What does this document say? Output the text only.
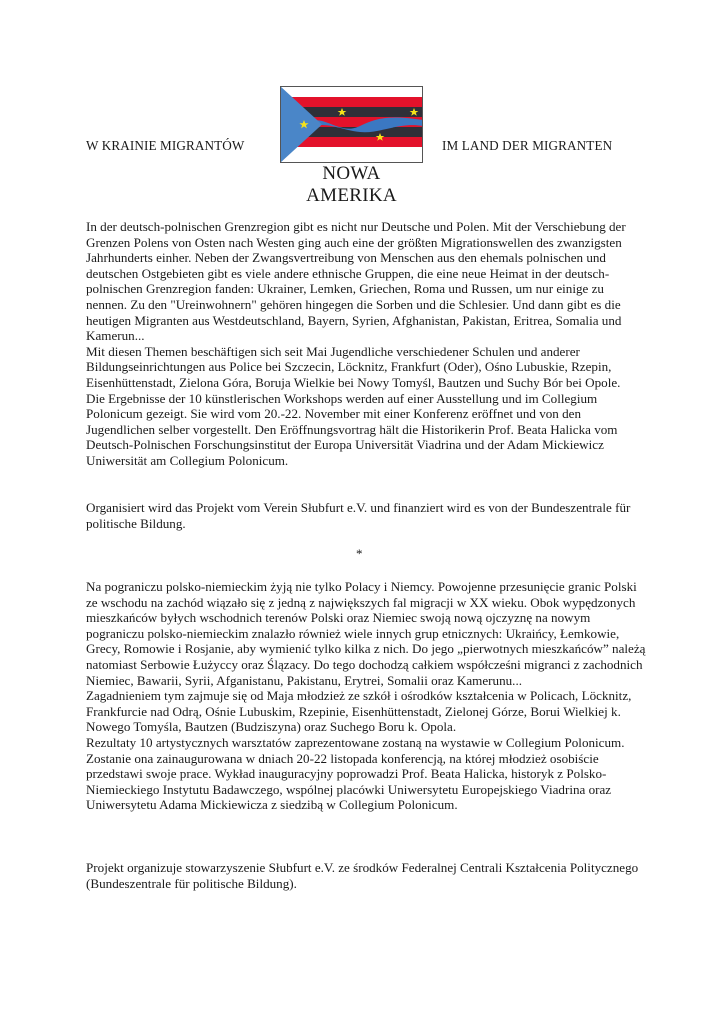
W KRAINIE MIGRANTÓW	IM LAND DER MIGRANTEN
NOWA AMERIKA

In der deutsch-polnischen Grenzregion gibt es nicht nur Deutsche und Polen. Mit der Verschiebung der Grenzen Polens von Osten nach Westen ging auch eine der größten Migrationswellen des zwanzigsten Jahrhunderts einher. Neben der Zwangsvertreibung von Menschen aus den ehemals polnischen und deutschen Ostgebieten gibt es viele andere ethnische Gruppen, die eine neue Heimat in der deutsch-polnischen Grenzregion fanden: Ukrainer, Lemken, Griechen, Roma und Russen, um nur einige zu nennen. Zu den "Ureinwohnern" gehören hingegen die Sorben und die Schlesier. Und dann gibt es die heutigen Migranten aus Westdeutschland, Bayern, Syrien, Afghanistan, Pakistan, Eritrea, Somalia und Kamerun...

Mit diesen Themen beschäftigen sich seit Mai Jugendliche verschiedener Schulen und anderer Bildungseinrichtungen aus Police bei Szczecin, Löcknitz, Frankfurt (Oder), Ośno Lubuskie, Rzepin, Eisenhüttenstadt, Zielona Góra, Boruja Wielkie bei Nowy Tomyśl, Bautzen und Suchy Bór bei Opole.

Die Ergebnisse der 10 künstlerischen Workshops werden auf einer Ausstellung und im Collegium Polonicum gezeigt. Sie wird vom 20.-22. November mit einer Konferenz eröffnet und von den Jugendlichen selber vorgestellt. Den Eröffnungsvortrag hält die Historikerin Prof. Beata Halicka vom Deutsch-Polnischen Forschungsinstitut der Europa Universität Viadrina und der Adam Mickiewicz Uniwersität am Collegium Polonicum.

Organisiert wird das Projekt vom Verein Słubfurt e.V. und finanziert wird es von der Bundeszentrale für politische Bildung.

*

Na pograniczu polsko-niemieckim żyją nie tylko Polacy i Niemcy. Powojenne przesunięcie granic Polski ze wschodu na zachód wiązało się z jedną z największych fal migracji w XX wieku. Obok wypędzonych mieszkańców byłych wschodnich terenów Polski oraz Niemiec swoją nową ojczyznę na nowym pograniczu polsko-niemieckim znalazło również wiele innych grup etnicznych: Ukraińcy, Łemkowie, Grecy, Romowie i Rosjanie, aby wymienić tylko kilka z nich. Do jego „pierwotnych mieszkańców” należą natomiast Serbowie Łużyccy oraz Ślązacy. Do tego dochodzą całkiem współcześni migranci z zachodnich Niemiec, Bawarii, Syrii, Afganistanu, Pakistanu, Erytrei, Somalii oraz Kamerunu...

Zagadnieniem tym zajmuje się od Maja młodzież ze szkół i ośrodków kształcenia w Policach, Löcknitz, Frankfurcie nad Odrą, Ośnie Lubuskim, Rzepinie, Eisenhüttenstadt, Zielonej Górze, Borui Wielkiej k. Nowego Tomyśla, Bautzen (Budziszyna) oraz Suchego Boru k. Opola.

Rezultaty 10 artystycznych warsztatów zaprezentowane zostaną na wystawie w Collegium Polonicum. Zostanie ona zainaugurowana w dniach 20-22 listopada konferencją, na której młodzież osobiście przedstawi swoje prace. Wykład inauguracyjny poprowadzi Prof. Beata Halicka, historyk z Polsko-Niemieckiego Instytutu Badawczego, wspólnej placówki Uniwersytetu Europejskiego Viadrina oraz Uniwersytetu Adama Mickiewicza z siedzibą w Collegium Polonicum.

Projekt organizuje stowarzyszenie Słubfurt e.V. ze środków Federalnej Centrali Kształcenia Politycznego (Bundeszentrale für politische Bildung).
